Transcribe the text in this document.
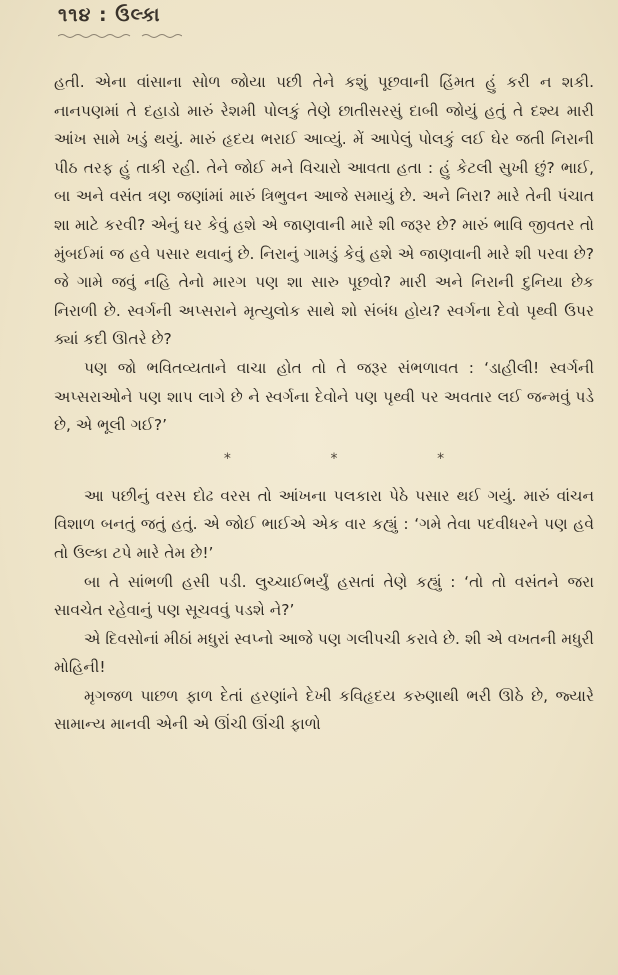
૧૧૪ : ઉલ્કા

હતી. એના વાંસાના સોળ જોયા પછી તેને કશું પૂછવાની હિંમત હું કરી ન શકી. નાનપણમાં તે દહાડો મારું રેશમી પોલકું તેણે છાતીસરસું દાબી જોયું હતું તે દશ્ય મારી આંખ સામે ખડું થયું. મારું હૃદય ભરાઈ આવ્યું. મેં આપેલું પોલકું લઈ ઘેર જતી નિરાની પીઠ તરફ હું તાકી રહી. તેને જોઈ મને વિચારો આવતા હતા : હું કેટલી સુખી છું? ભાઈ, બા અને વસંત ત્રણ જણાંમાં મારું ત્રિભુવન આજે સમાયું છે. અને નિરા? મારે તેની પંચાત શા માટે કરવી? એનું ઘર કેવું હશે એ જાણવાની મારે શી જરૂર છે? મારું ભાવિ જીવતર તો મુંબઈમાં જ હવે પસાર થવાનું છે. નિરાનું ગામડું કેવું હશે એ જાણવાની મારે શી પરવા છે? જે ગામે જવું નહિ તેનો મારગ પણ શા સારુ પૂછવો? મારી અને નિરાની દુનિયા છેક નિરાળી છે. સ્વર્ગની અપ્સરાને મૃત્યુલોક સાથે શો સંબંધ હોય? સ્વર્ગના દેવો પૃથ્વી ઉપર ક્યાં કદી ઊતરે છે?

પણ જો ભવિતવ્યતાને વાચા હોત તો તે જરૂર સંભળાવત : ‘ડાહીલી! સ્વર્ગની અપ્સરાઓને પણ શાપ લાગે છે ને સ્વર્ગના દેવોને પણ પૃથ્વી પર અવતાર લઈ જન્મવું પડે છે, એ ભૂલી ગઈ?’

*	*	*

આ પછીનું વરસ દોઢ વરસ તો આંખના પલકારા પેઠે પસાર થઈ ગયું. મારું વાંચન વિશાળ બનતું જતું હતું. એ જોઈ ભાઈએ એક વાર કહ્યું : ‘ગમે તેવા પદવીધરને પણ હવે તો ઉલ્કા ટપે મારે તેમ છે!’

બા તે સાંભળી હસી પડી. લુચ્ચાઈભર્યું હસતાં તેણે કહ્યું : ‘તો તો વસંતને જરા સાવચેત રહેવાનું પણ સૂચવવું પડશે ને?’

એ દિવસોનાં મીઠાં મધુરાં સ્વપ્નો આજે પણ ગલીપચી કરાવે છે. શી એ વખતની મધુરી મોહિની!

મૃગજળ પાછળ ફાળ દેતાં હરણાંને દેખી કવિહૃદય કરુણાથી ભરી ઊઠે છે, જ્યારે સામાન્ય માનવી એની એ ઊંચી ઊંચી ફાળો
